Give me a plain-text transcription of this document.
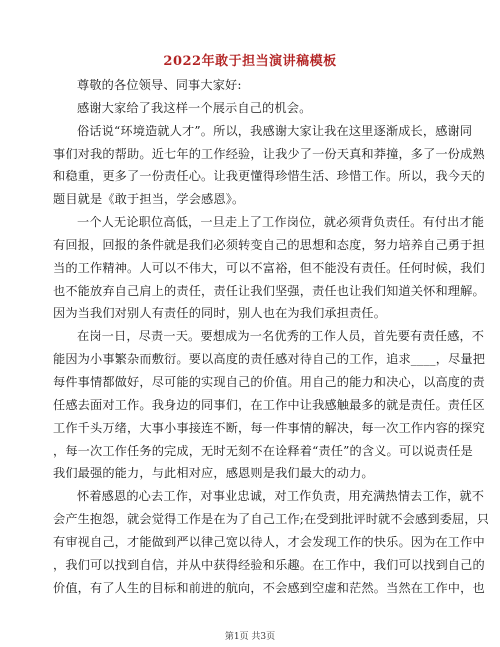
2022年敢于担当演讲稿模板
尊敬的各位领导、同事大家好:
感谢大家给了我这样一个展示自己的机会。
俗话说“环境造就人才”。所以，我感谢大家让我在这里逐渐成长，感谢同
事们对我的帮助。近七年的工作经验，让我少了一份天真和莽撞，多了一份成熟
和稳重，更多了一份责任心。让我更懂得珍惜生活、珍惜工作。所以，我今天的
题目就是《敢于担当，学会感恩》。
一个人无论职位高低，一旦走上了工作岗位，就必须背负责任。有付出才能
有回报，回报的条件就是我们必须转变自己的思想和态度，努力培养自己勇于担
当的工作精神。人可以不伟大，可以不富裕，但不能没有责任。任何时候，我们
也不能放弃自己肩上的责任，责任让我们坚强，责任也让我们知道关怀和理解。
因为当我们对别人有责任的同时，别人也在为我们承担责任。
在岗一日，尽责一天。要想成为一名优秀的工作人员，首先要有责任感，不
能因为小事繁杂而敷衍。要以高度的责任感对待自己的工作，追求____，尽量把
每件事情都做好，尽可能的实现自己的价值。用自己的能力和决心，以高度的责
任感去面对工作。我身边的同事们，在工作中让我感触最多的就是责任。责任区
工作千头万绪，大事小事接连不断，每一件事情的解决，每一次工作内容的探究
，每一次工作任务的完成，无时无刻不在诠释着“责任”的含义。可以说责任是
我们最强的能力，与此相对应，感恩则是我们最大的动力。
怀着感恩的心去工作，对事业忠诚，对工作负责，用充满热情去工作，就不
会产生抱怨，就会觉得工作是在为了自己工作;在受到批评时就不会感到委屈，只
有审视自己，才能做到严以律己宽以待人，才会发现工作的快乐。因为在工作中
，我们可以找到自信，并从中获得经验和乐趣。在工作中，我们可以找到自己的
价值，有了人生的目标和前进的航向，不会感到空虚和茫然。当然在工作中，也
第1页 共3页
